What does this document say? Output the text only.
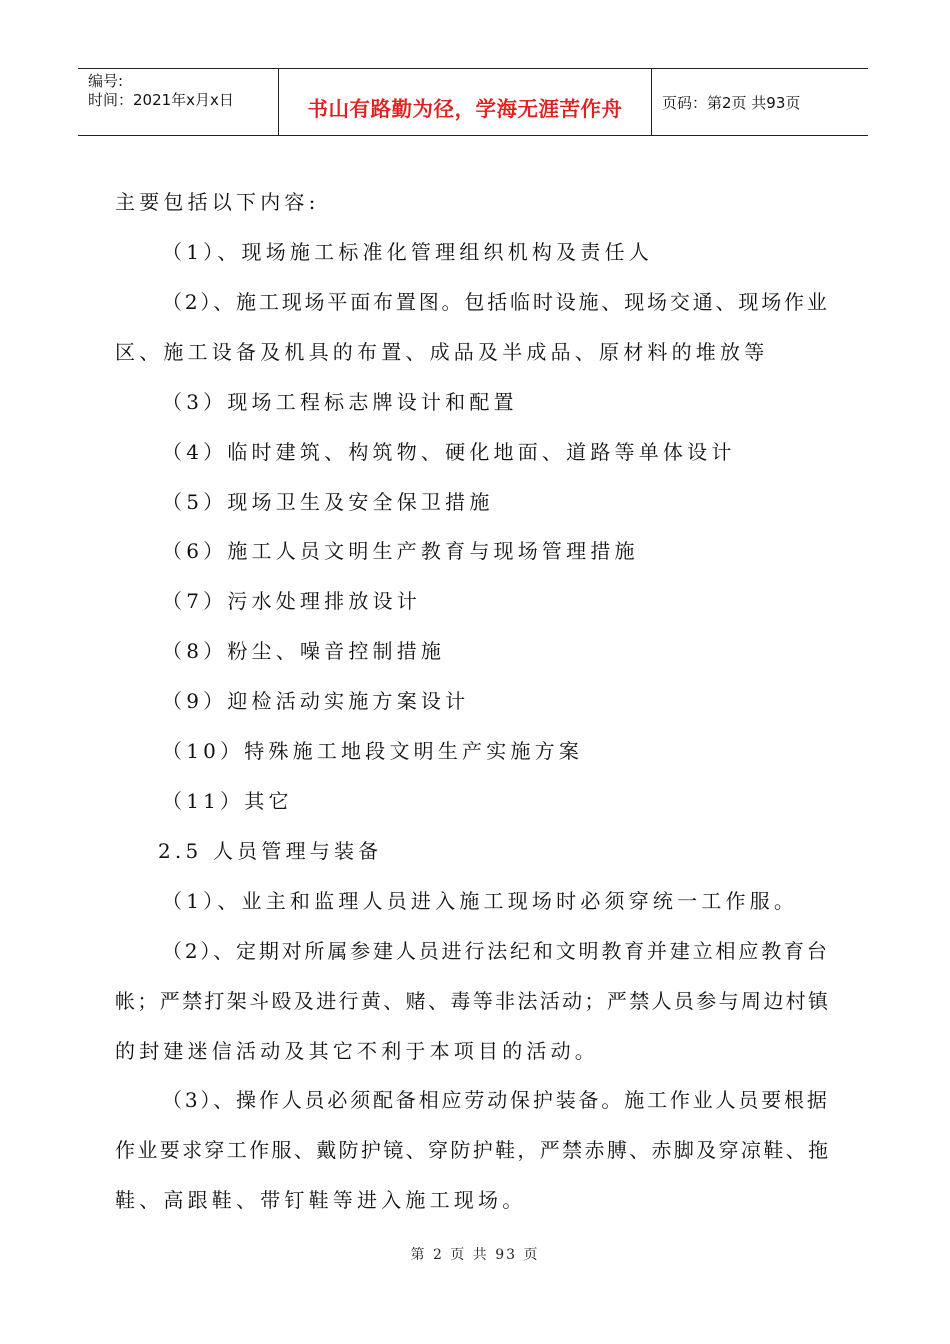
编号:
时间：2021年x月x日	书山有路勤为径，学海无涯苦作舟	页码：第2页 共93页
主要包括以下内容:
（1）、现场施工标准化管理组织机构及责任人
（2）、施工现场平面布置图。包括临时设施、现场交通、现场作业
区、施工设备及机具的布置、成品及半成品、原材料的堆放等
（3）现场工程标志牌设计和配置
（4）临时建筑、构筑物、硬化地面、道路等单体设计
（5）现场卫生及安全保卫措施
（6）施工人员文明生产教育与现场管理措施
（7）污水处理排放设计
（8）粉尘、噪音控制措施
（9）迎检活动实施方案设计
（10）特殊施工地段文明生产实施方案
（11）其它
2.5 人员管理与装备
（1）、业主和监理人员进入施工现场时必须穿统一工作服。
（2）、定期对所属参建人员进行法纪和文明教育并建立相应教育台
帐；严禁打架斗殴及进行黄、赌、毒等非法活动；严禁人员参与周边村镇
的封建迷信活动及其它不利于本项目的活动。
（3）、操作人员必须配备相应劳动保护装备。施工作业人员要根据
作业要求穿工作服、戴防护镜、穿防护鞋，严禁赤膊、赤脚及穿凉鞋、拖
鞋、高跟鞋、带钉鞋等进入施工现场。
第 2 页 共 93 页
